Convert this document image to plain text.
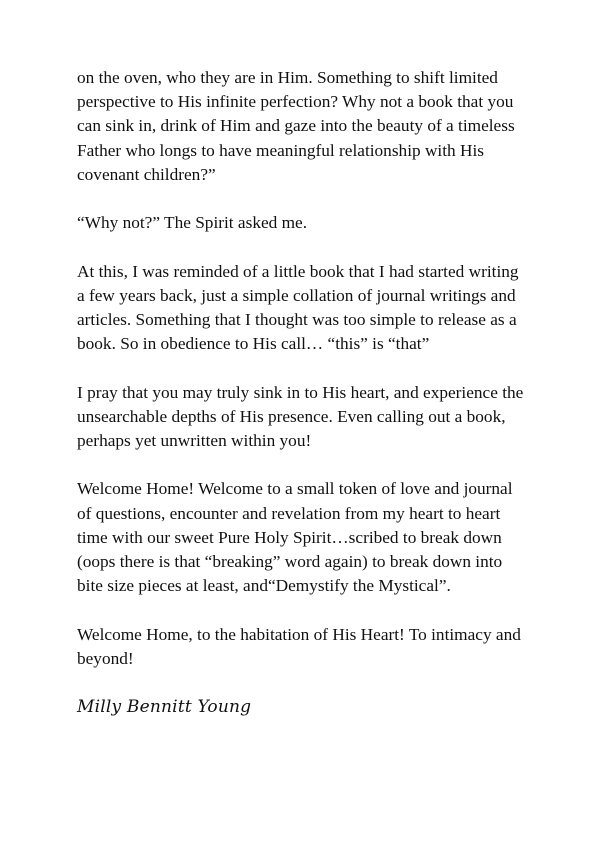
on the oven, who they are in Him. Something to shift limited
perspective to His infinite perfection? Why not a book that you
can sink in, drink of Him and gaze into the beauty of a timeless
Father who longs to have meaningful relationship with His
covenant children?”
“Why not?” The Spirit asked me.
At this, I was reminded of a little book that I had started writing
a few years back, just a simple collation of journal writings and
articles. Something that I thought was too simple to release as a
book. So in obedience to His call… “this” is “that”
I pray that you may truly sink in to His heart, and experience the
unsearchable depths of His presence. Even calling out a book,
perhaps yet unwritten within you!
Welcome Home! Welcome to a small token of love and journal
of questions, encounter and revelation from my heart to heart
time with our sweet Pure Holy Spirit…scribed to break down
(oops there is that “breaking” word again) to break down into
bite size pieces at least, and“Demystify the Mystical”.
Welcome Home, to the habitation of His Heart! To intimacy and
beyond!
Milly Bennitt Young
